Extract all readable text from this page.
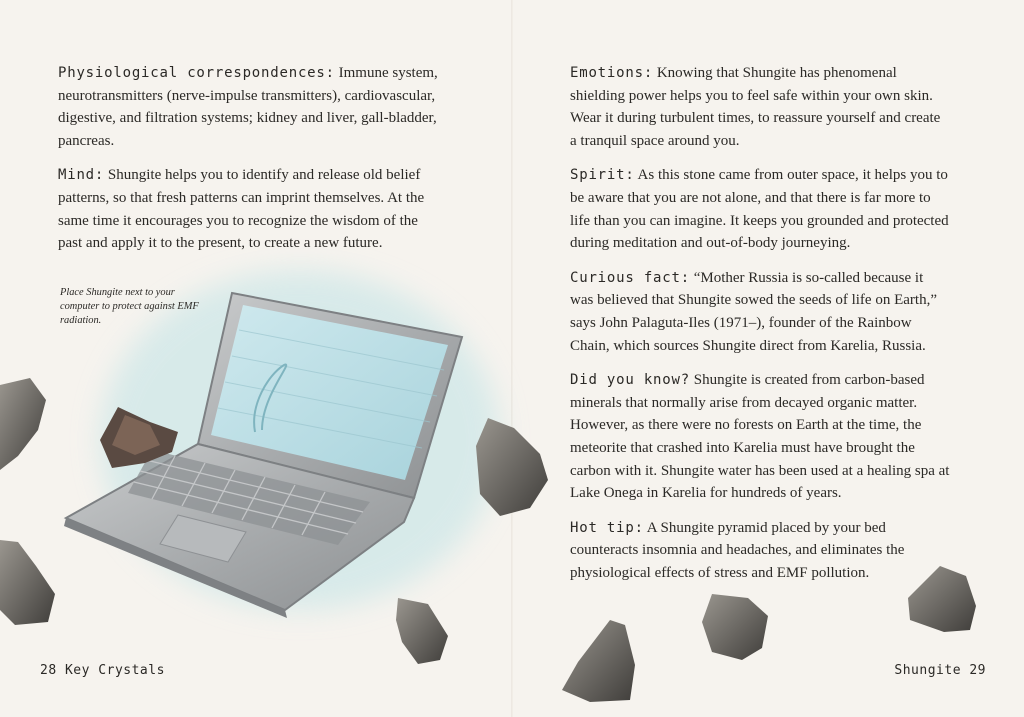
Physiological correspondences: Immune system, neurotransmitters (nerve-impulse transmitters), cardiovascular, digestive, and filtration systems; kidney and liver, gall-bladder, pancreas.

Mind: Shungite helps you to identify and release old belief patterns, so that fresh patterns can imprint themselves. At the same time it encourages you to recognize the wisdom of the past and apply it to the present, to create a new future.

Place Shungite next to your computer to protect against EMF radiation.
28 Key Crystals

Emotions: Knowing that Shungite has phenomenal shielding power helps you to feel safe within your own skin. Wear it during turbulent times, to reassure yourself and create a tranquil space around you.

Spirit: As this stone came from outer space, it helps you to be aware that you are not alone, and that there is far more to life than you can imagine. It keeps you grounded and protected during meditation and out-of-body journeying.

Curious fact: “Mother Russia is so-called because it was believed that Shungite sowed the seeds of life on Earth,” says John Palaguta-Iles (1971–), founder of the Rainbow Chain, which sources Shungite direct from Karelia, Russia.

Did you know? Shungite is created from carbon-based minerals that normally arise from decayed organic matter. However, as there were no forests on Earth at the time, the meteorite that crashed into Karelia must have brought the carbon with it. Shungite water has been used at a healing spa at Lake Onega in Karelia for hundreds of years.

Hot tip: A Shungite pyramid placed by your bed counteracts insomnia and headaches, and eliminates the physiological effects of stress and EMF pollution.

Shungite 29
